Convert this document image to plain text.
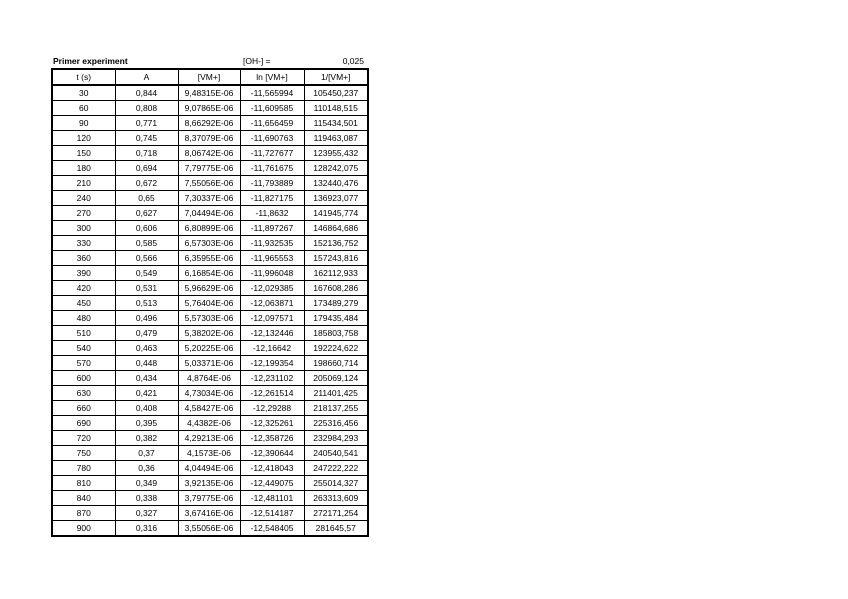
Primer experiment	[OH-] =	0,025
t (s)	A	[VM+]	ln [VM+]	1/[VM+]
30	0,844	9,48315E-06	-11,565994	105450,237
60	0,808	9,07865E-06	-11,609585	110148,515
90	0,771	8,66292E-06	-11,656459	115434,501
120	0,745	8,37079E-06	-11,690763	119463,087
150	0,718	8,06742E-06	-11,727677	123955,432
180	0,694	7,79775E-06	-11,761675	128242,075
210	0,672	7,55056E-06	-11,793889	132440,476
240	0,65	7,30337E-06	-11,827175	136923,077
270	0,627	7,04494E-06	-11,8632	141945,774
300	0,606	6,80899E-06	-11,897267	146864,686
330	0,585	6,57303E-06	-11,932535	152136,752
360	0,566	6,35955E-06	-11,965553	157243,816
390	0,549	6,16854E-06	-11,996048	162112,933
420	0,531	5,96629E-06	-12,029385	167608,286
450	0,513	5,76404E-06	-12,063871	173489,279
480	0,496	5,57303E-06	-12,097571	179435,484
510	0,479	5,38202E-06	-12,132446	185803,758
540	0,463	5,20225E-06	-12,16642	192224,622
570	0,448	5,03371E-06	-12,199354	198660,714
600	0,434	4,8764E-06	-12,231102	205069,124
630	0,421	4,73034E-06	-12,261514	211401,425
660	0,408	4,58427E-06	-12,29288	218137,255
690	0,395	4,4382E-06	-12,325261	225316,456
720	0,382	4,29213E-06	-12,358726	232984,293
750	0,37	4,1573E-06	-12,390644	240540,541
780	0,36	4,04494E-06	-12,418043	247222,222
810	0,349	3,92135E-06	-12,449075	255014,327
840	0,338	3,79775E-06	-12,481101	263313,609
870	0,327	3,67416E-06	-12,514187	272171,254
900	0,316	3,55056E-06	-12,548405	281645,57
